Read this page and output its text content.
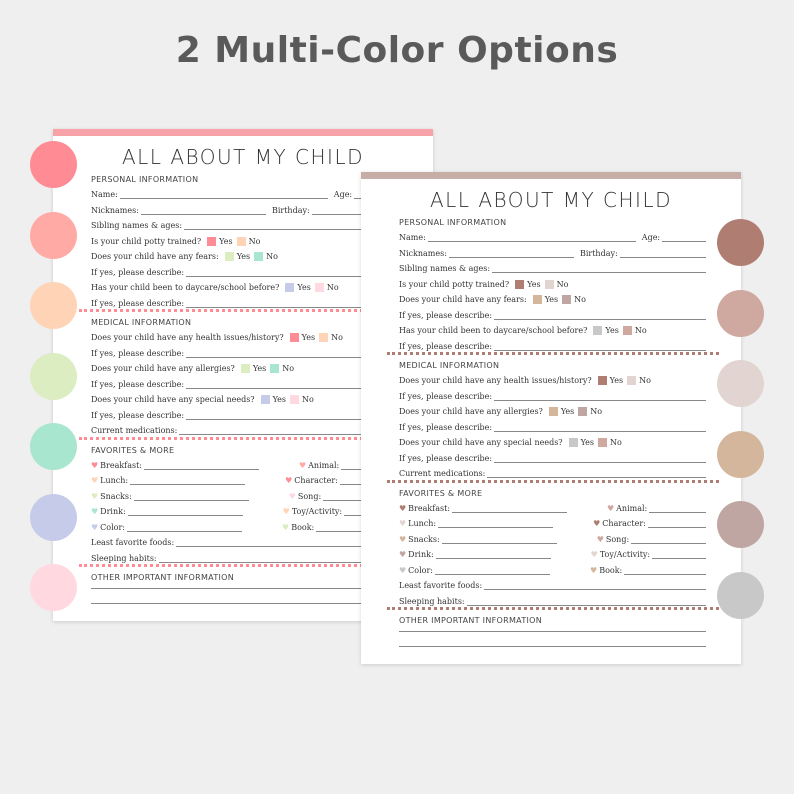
2 Multi-Color Options
ALL ABOUT MY CHILD
PERSONAL INFORMATION
Name:	Age:
Nicknames:	Birthday:
Sibling names & ages:
Is your child potty trained? Yes No
Does your child have any fears: Yes No
If yes, please describe:
Has your child been to daycare/school before? Yes No
If yes, please describe:
MEDICAL INFORMATION
Does your child have any health issues/history? Yes No
If yes, please describe:
Does your child have any allergies? Yes No
If yes, please describe:
Does your child have any special needs? Yes No
If yes, please describe:
Current medications:
FAVORITES & MORE
♥ Breakfast:	♥ Animal:
♥ Lunch:	♥ Character:
♥ Snacks:	♥ Song:
♥ Drink:	♥ Toy/Activity:
♥ Color:	♥ Book:
Least favorite foods:
Sleeping habits:
OTHER IMPORTANT INFORMATION
ALL ABOUT MY CHILD
PERSONAL INFORMATION
Name:	Age:
Nicknames:	Birthday:
Sibling names & ages:
Is your child potty trained? Yes No
Does your child have any fears: Yes No
If yes, please describe:
Has your child been to daycare/school before? Yes No
If yes, please describe:
MEDICAL INFORMATION
Does your child have any health issues/history? Yes No
If yes, please describe:
Does your child have any allergies? Yes No
If yes, please describe:
Does your child have any special needs? Yes No
If yes, please describe:
Current medications:
FAVORITES & MORE
♥ Breakfast:	♥ Animal:
♥ Lunch:	♥ Character:
♥ Snacks:	♥ Song:
♥ Drink:	♥ Toy/Activity:
♥ Color:	♥ Book:
Least favorite foods:
Sleeping habits:
OTHER IMPORTANT INFORMATION
